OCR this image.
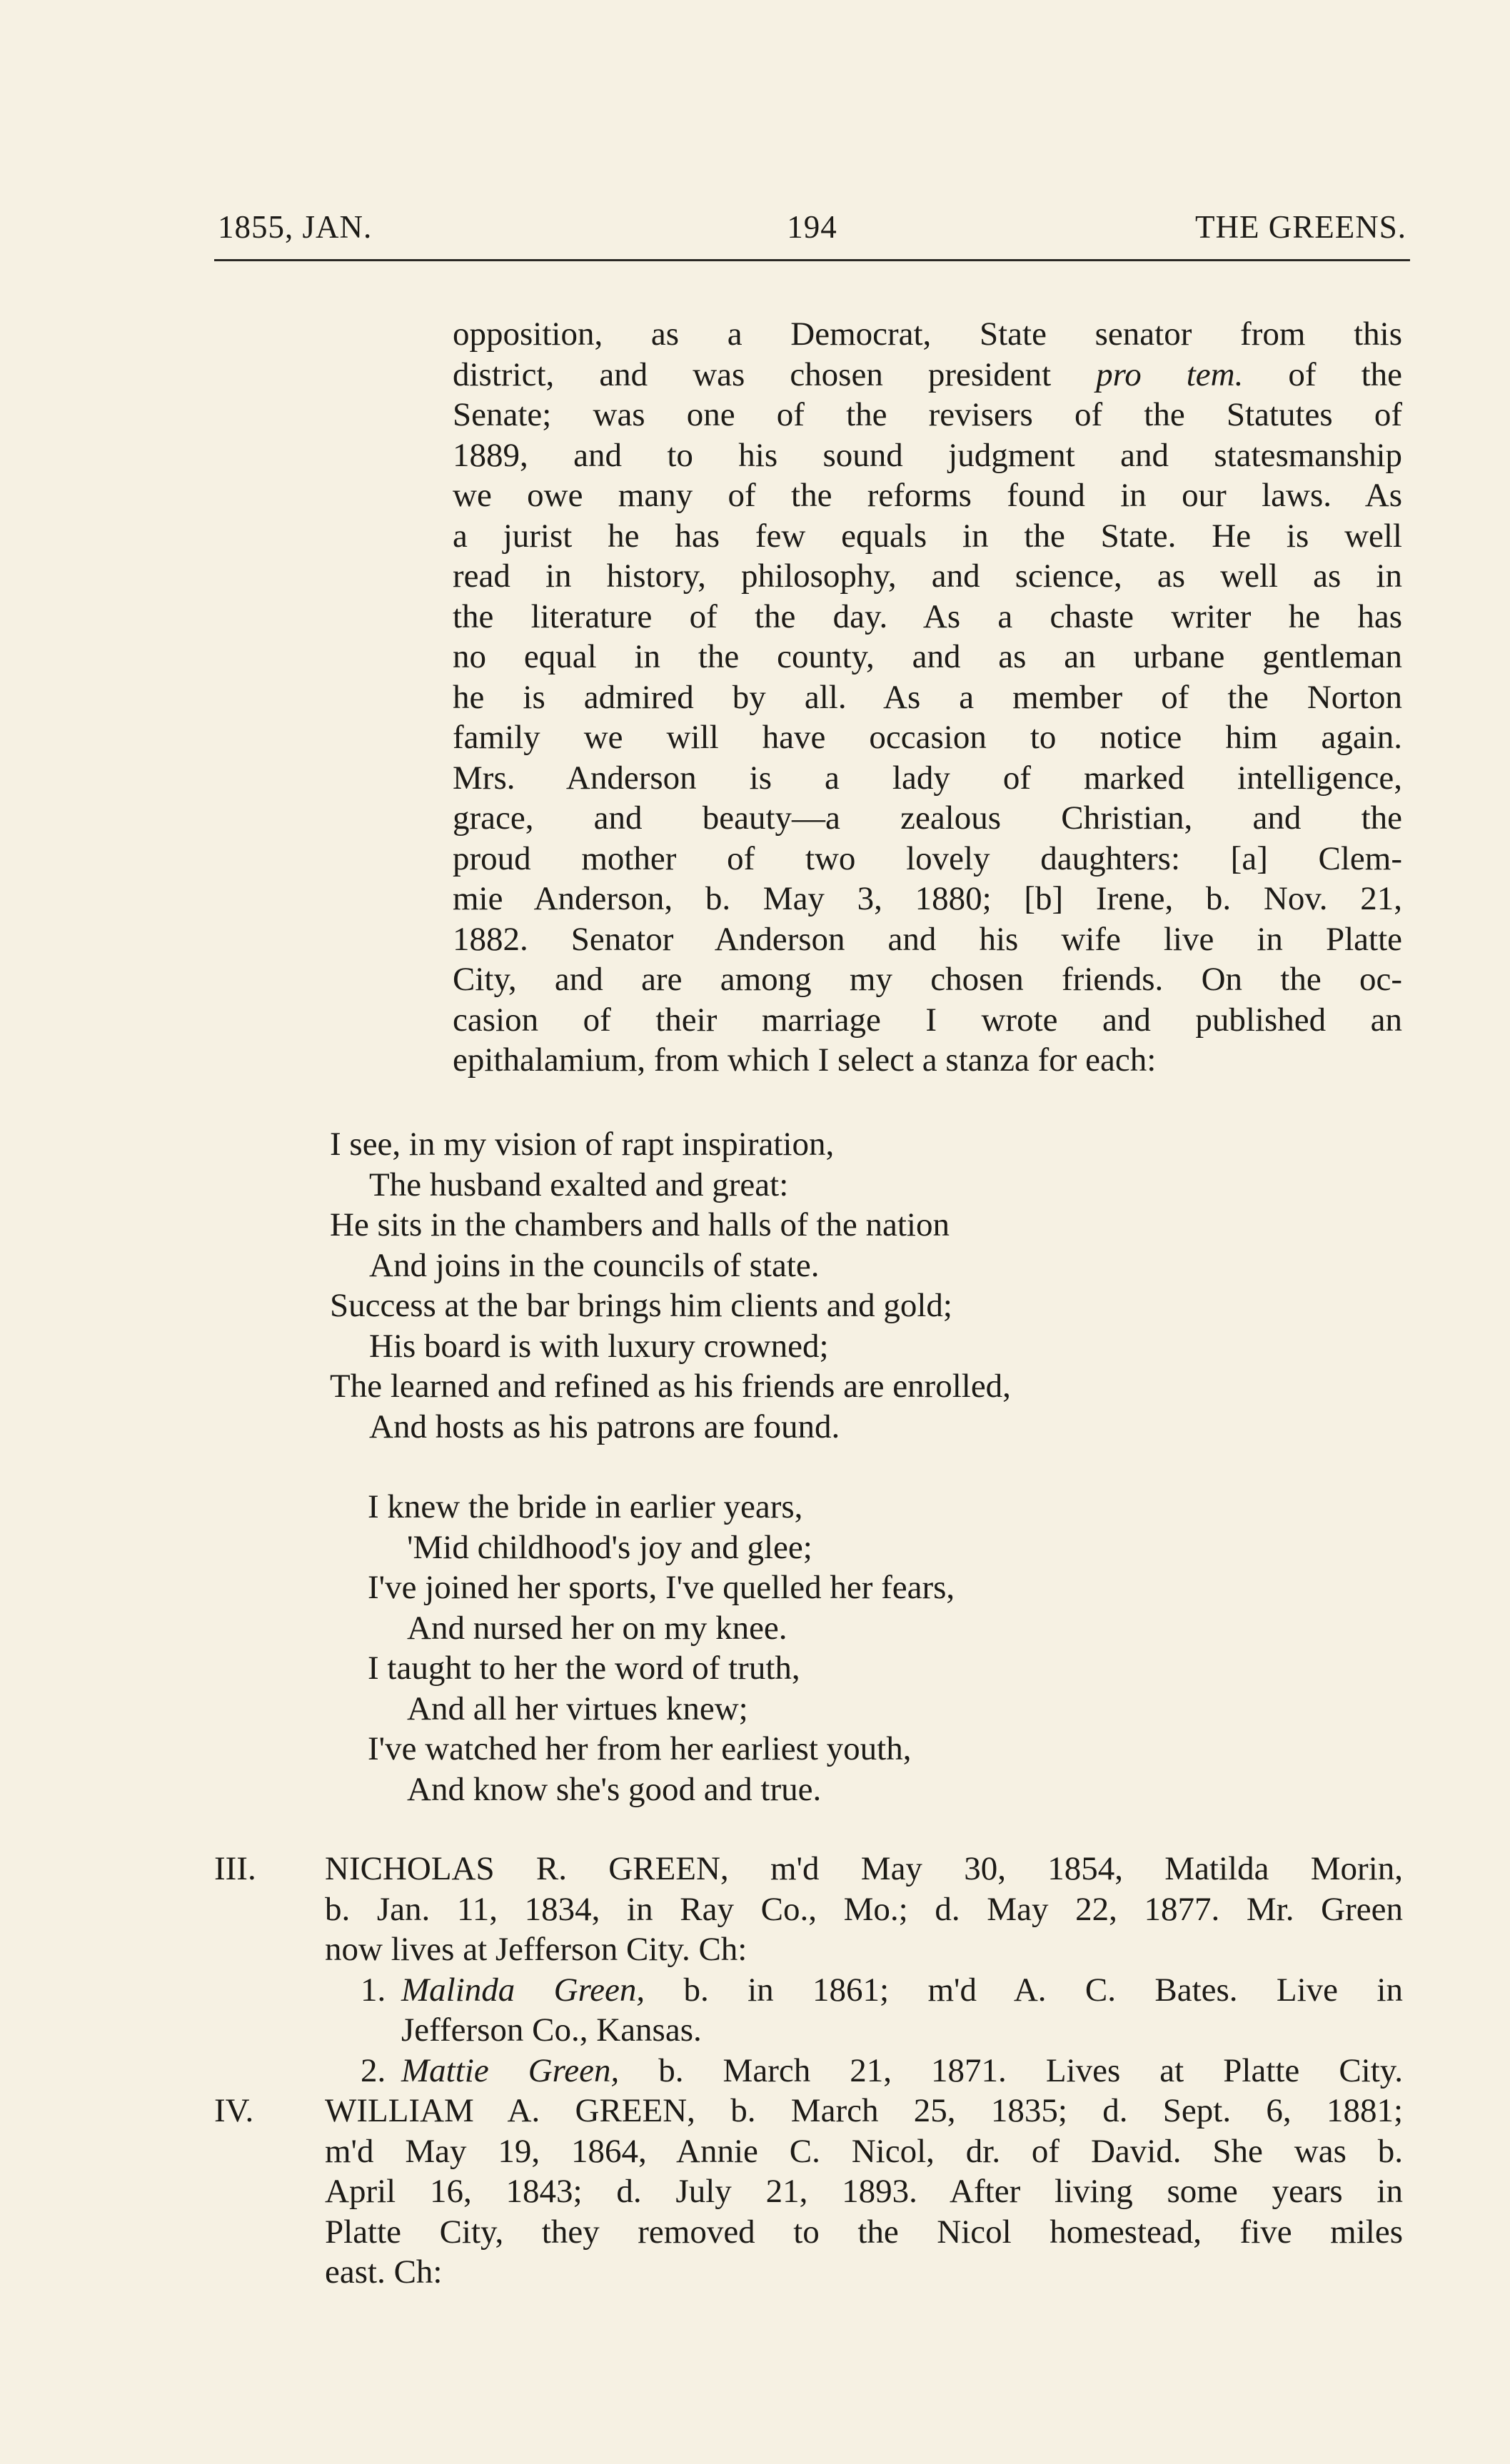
1855, JAN.	194	THE GREENS.
opposition, as a Democrat, State senator from this
district, and was chosen president pro tem. of the
Senate; was one of the revisers of the Statutes of
1889, and to his sound judgment and statesmanship
we owe many of the reforms found in our laws. As
a jurist he has few equals in the State. He is well
read in history, philosophy, and science, as well as in
the literature of the day. As a chaste writer he has
no equal in the county, and as an urbane gentleman
he is admired by all. As a member of the Norton
family we will have occasion to notice him again.
Mrs. Anderson is a lady of marked intelligence,
grace, and beauty—a zealous Christian, and the
proud mother of two lovely daughters: [a] Clem-
mie Anderson, b. May 3, 1880; [b] Irene, b. Nov. 21,
1882. Senator Anderson and his wife live in Platte
City, and are among my chosen friends. On the oc-
casion of their marriage I wrote and published an
epithalamium, from which I select a stanza for each:
I see, in my vision of rapt inspiration,
The husband exalted and great:
He sits in the chambers and halls of the nation
And joins in the councils of state.
Success at the bar brings him clients and gold;
His board is with luxury crowned;
The learned and refined as his friends are enrolled,
And hosts as his patrons are found.
I knew the bride in earlier years,
'Mid childhood's joy and glee;
I've joined her sports, I've quelled her fears,
And nursed her on my knee.
I taught to her the word of truth,
And all her virtues knew;
I've watched her from her earliest youth,
And know she's good and true.
III. NICHOLAS R. GREEN, m'd May 30, 1854, Matilda Morin,
b. Jan. 11, 1834, in Ray Co., Mo.; d. May 22, 1877. Mr. Green
now lives at Jefferson City. Ch:
1. Malinda Green, b. in 1861; m'd A. C. Bates. Live in
Jefferson Co., Kansas.
2. Mattie Green, b. March 21, 1871. Lives at Platte City.
IV. WILLIAM A. GREEN, b. March 25, 1835; d. Sept. 6, 1881;
m'd May 19, 1864, Annie C. Nicol, dr. of David. She was b.
April 16, 1843; d. July 21, 1893. After living some years in
Platte City, they removed to the Nicol homestead, five miles
east. Ch:
